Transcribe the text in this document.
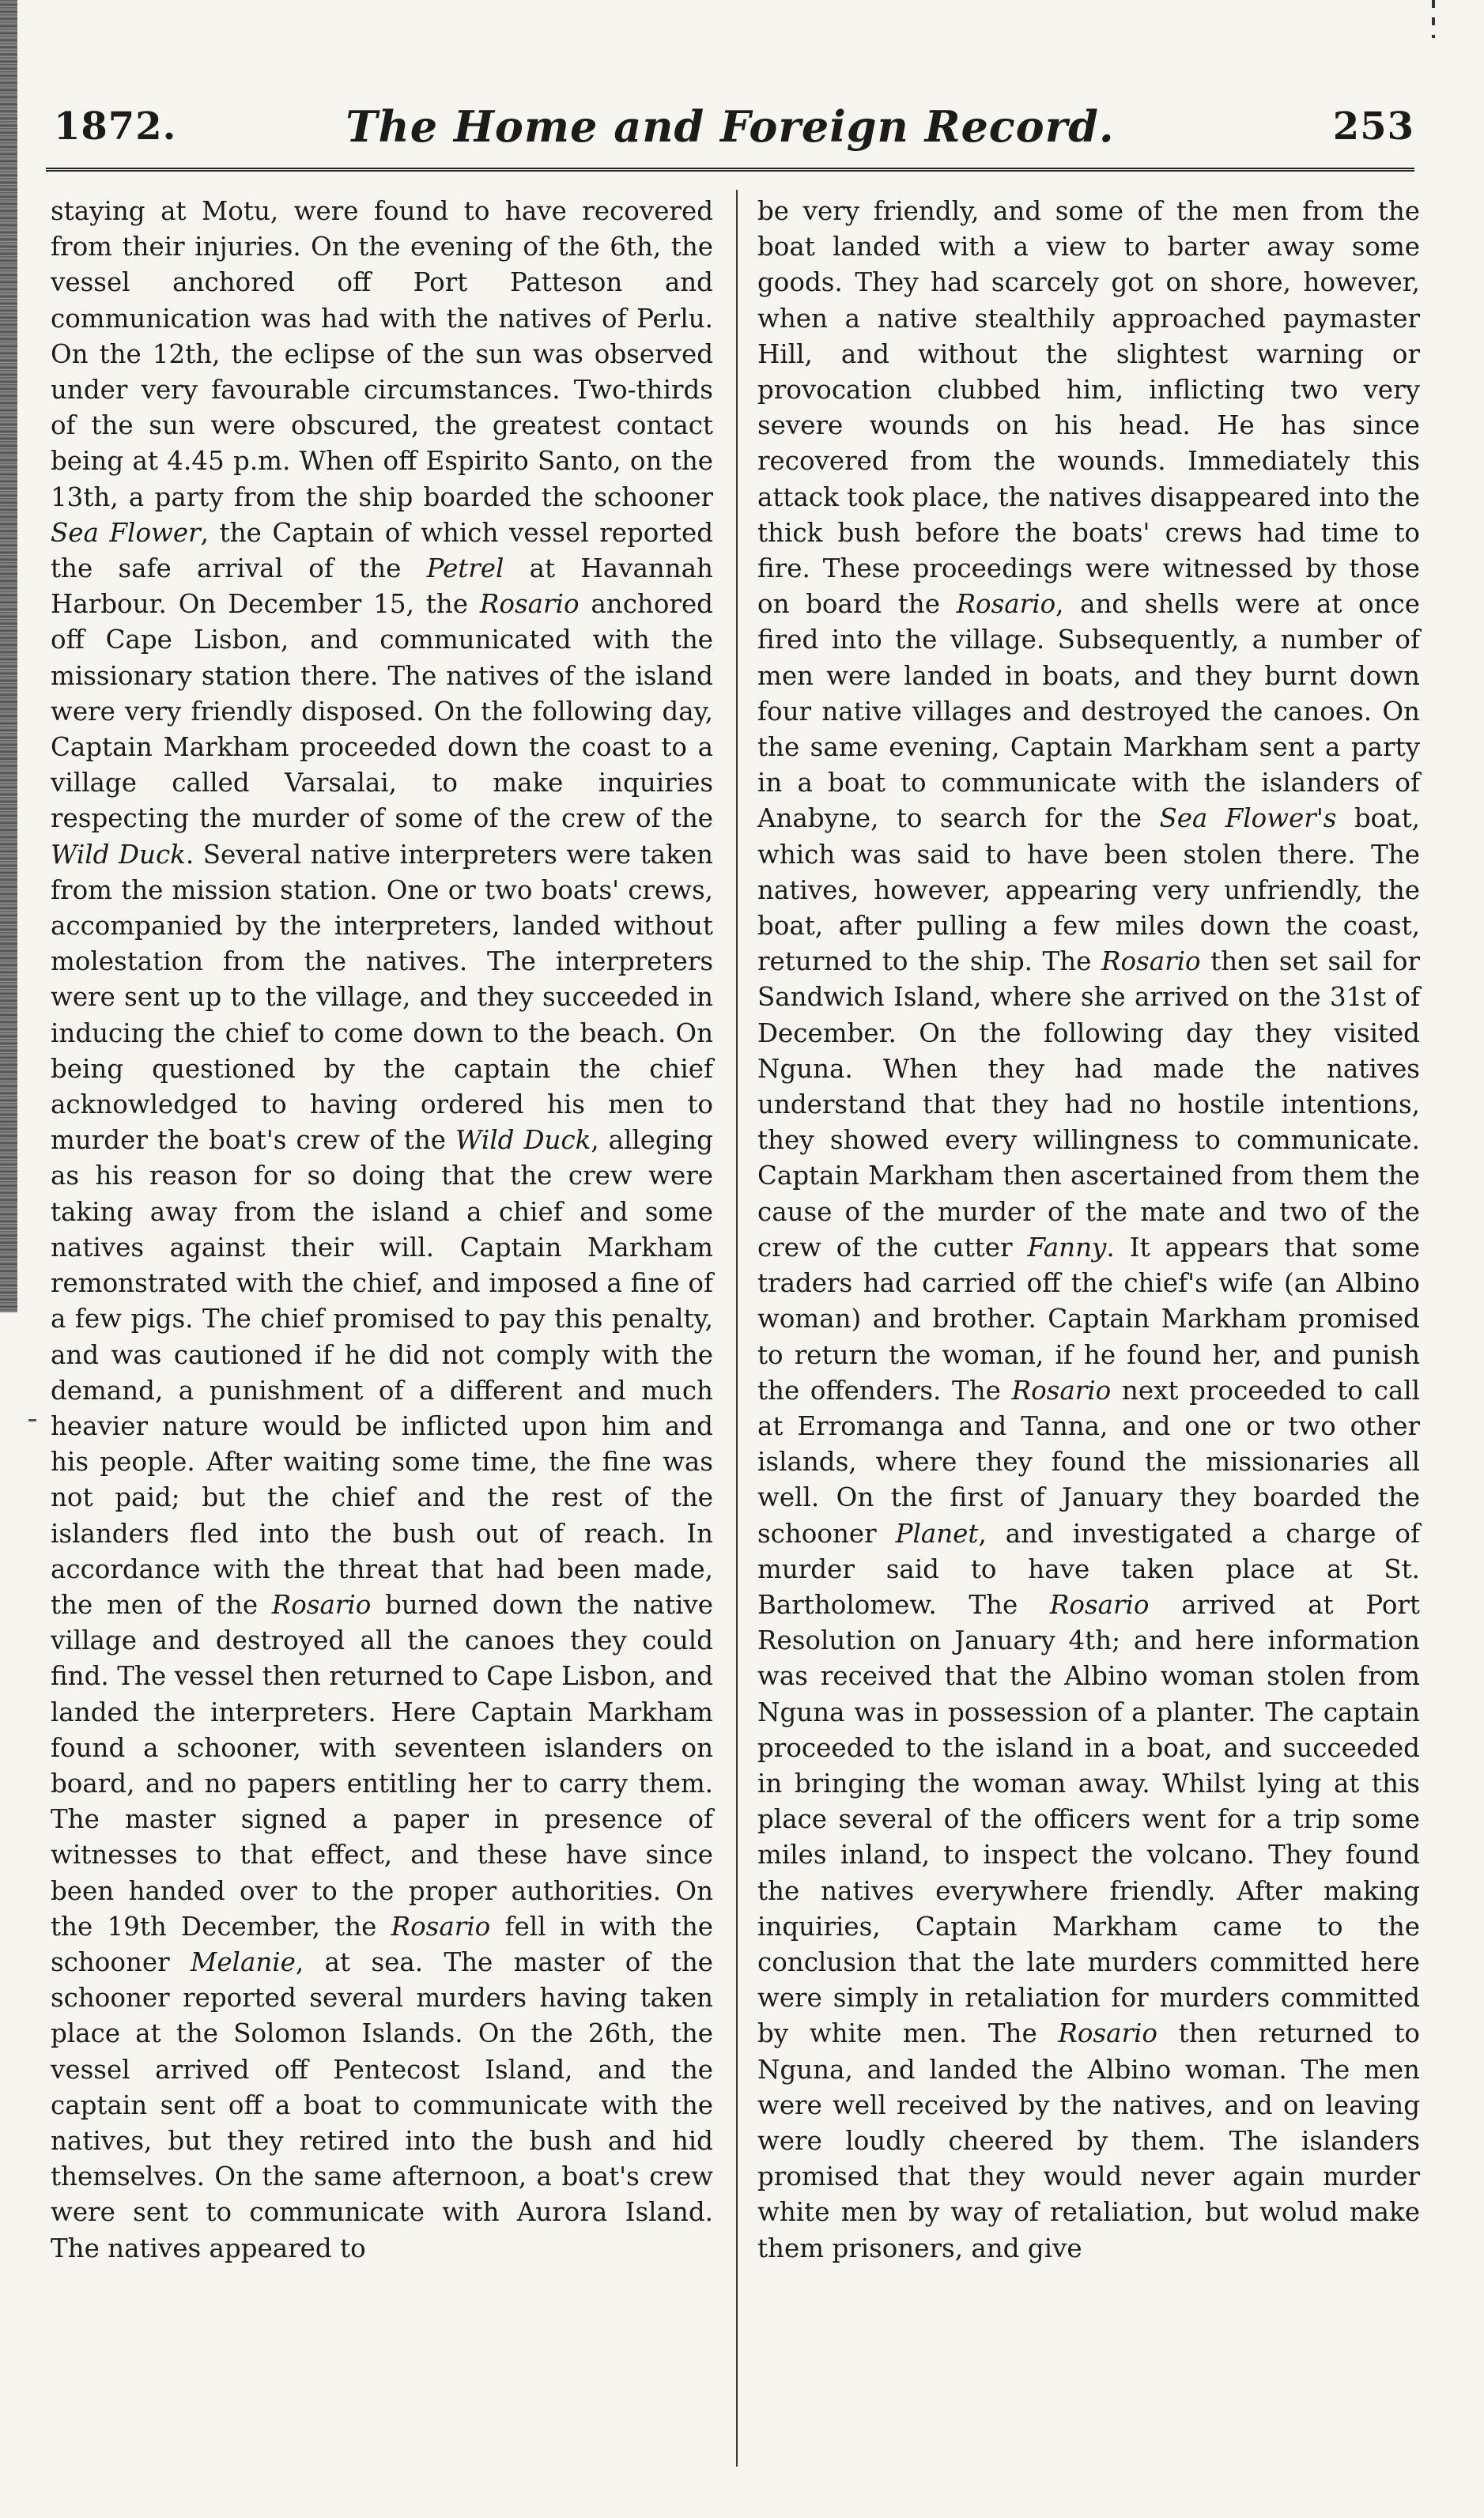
1872.	The Home and Foreign Record.	253

staying at Motu, were found to have recovered from their injuries. On the evening of the 6th, the vessel anchored off Port Patteson and communication was had with the natives of Perlu. On the 12th, the eclipse of the sun was observed under very favourable circumstances. Two-thirds of the sun were obscured, the greatest contact being at 4.45 p.m. When off Espirito Santo, on the 13th, a party from the ship boarded the schooner Sea Flower, the Captain of which vessel reported the safe arrival of the Petrel at Havannah Harbour. On December 15, the Rosario anchored off Cape Lisbon, and communicated with the missionary station there. The natives of the island were very friendly disposed. On the following day, Captain Markham proceeded down the coast to a village called Varsalai, to make inquiries respecting the murder of some of the crew of the Wild Duck. Several native interpreters were taken from the mission station. One or two boats' crews, accompanied by the interpreters, landed without molestation from the natives. The interpreters were sent up to the village, and they succeeded in inducing the chief to come down to the beach. On being questioned by the captain the chief acknowledged to having ordered his men to murder the boat's crew of the Wild Duck, alleging as his reason for so doing that the crew were taking away from the island a chief and some natives against their will. Captain Markham remonstrated with the chief, and imposed a fine of a few pigs. The chief promised to pay this penalty, and was cautioned if he did not comply with the demand, a punishment of a different and much heavier nature would be inflicted upon him and his people. After waiting some time, the fine was not paid; but the chief and the rest of the islanders fled into the bush out of reach. In accordance with the threat that had been made, the men of the Rosario burned down the native village and destroyed all the canoes they could find. The vessel then returned to Cape Lisbon, and landed the interpreters. Here Captain Markham found a schooner, with seventeen islanders on board, and no papers entitling her to carry them. The master signed a paper in presence of witnesses to that effect, and these have since been handed over to the proper authorities. On the 19th December, the Rosario fell in with the schooner Melanie, at sea. The master of the schooner reported several murders having taken place at the Solomon Islands. On the 26th, the vessel arrived off Pentecost Island, and the captain sent off a boat to communicate with the natives, but they retired into the bush and hid themselves. On the same afternoon, a boat's crew were sent to communicate with Aurora Island. The natives appeared to

be very friendly, and some of the men from the boat landed with a view to barter away some goods. They had scarcely got on shore, however, when a native stealthily approached paymaster Hill, and without the slightest warning or provocation clubbed him, inflicting two very severe wounds on his head. He has since recovered from the wounds. Immediately this attack took place, the natives disappeared into the thick bush before the boats' crews had time to fire. These proceedings were witnessed by those on board the Rosario, and shells were at once fired into the village. Subsequently, a number of men were landed in boats, and they burnt down four native villages and destroyed the canoes. On the same evening, Captain Markham sent a party in a boat to communicate with the islanders of Anabyne, to search for the Sea Flower's boat, which was said to have been stolen there. The natives, however, appearing very unfriendly, the boat, after pulling a few miles down the coast, returned to the ship. The Rosario then set sail for Sandwich Island, where she arrived on the 31st of December. On the following day they visited Nguna. When they had made the natives understand that they had no hostile intentions, they showed every willingness to communicate. Captain Markham then ascertained from them the cause of the murder of the mate and two of the crew of the cutter Fanny. It appears that some traders had carried off the chief's wife (an Albino woman) and brother. Captain Markham promised to return the woman, if he found her, and punish the offenders. The Rosario next proceeded to call at Erromanga and Tanna, and one or two other islands, where they found the missionaries all well. On the first of January they boarded the schooner Planet, and investigated a charge of murder said to have taken place at St. Bartholomew. The Rosario arrived at Port Resolution on January 4th; and here information was received that the Albino woman stolen from Nguna was in possession of a planter. The captain proceeded to the island in a boat, and succeeded in bringing the woman away. Whilst lying at this place several of the officers went for a trip some miles inland, to inspect the volcano. They found the natives everywhere friendly. After making inquiries, Captain Markham came to the conclusion that the late murders committed here were simply in retaliation for murders committed by white men. The Rosario then returned to Nguna, and landed the Albino woman. The men were well received by the natives, and on leaving were loudly cheered by them. The islanders promised that they would never again murder white men by way of retaliation, but wolud make them prisoners, and give
